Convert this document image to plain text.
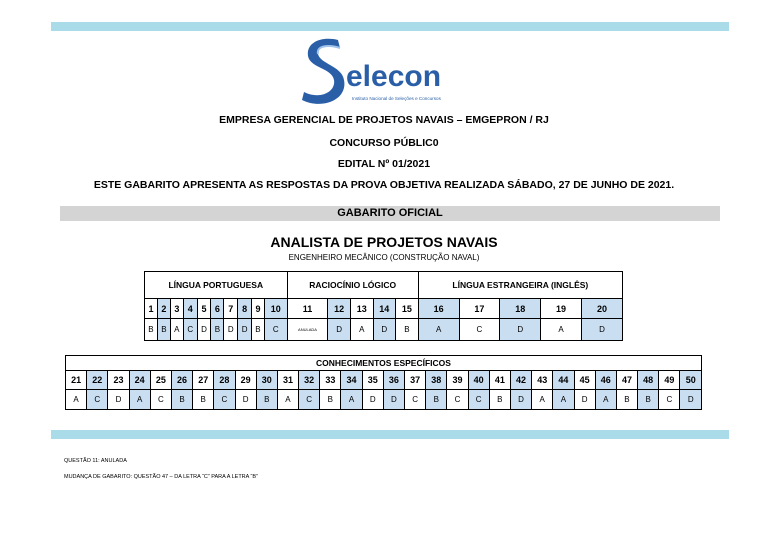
elecon
Instituto Nacional de Seleções e Concursos
EMPRESA GERENCIAL DE PROJETOS NAVAIS – EMGEPRON / RJ
CONCURSO PÚBLIC0
EDITAL Nº 01/2021
ESTE GABARITO APRESENTA AS RESPOSTAS DA PROVA OBJETIVA REALIZADA SÁBADO, 27 DE JUNHO DE 2021.
GABARITO OFICIAL
ANALISTA DE PROJETOS NAVAIS
ENGENHEIRO MECÂNICO (CONSTRUÇÃO NAVAL)
LÍNGUA PORTUGUESA										RACIOCÍNIO LÓGICO					LÍNGUA ESTRANGEIRA (INGLÊS)				
1	2	3	4	5	6	7	8	9	10	11	12	13	14	15	16	17	18	19	20
B	B	A	C	D	B	D	D	B	C	ANULADA	D	A	D	B	A	C	D	A	D
CONHECIMENTOS ESPECÍFICOS																													
21	22	23	24	25	26	27	28	29	30	31	32	33	34	35	36	37	38	39	40	41	42	43	44	45	46	47	48	49	50
A	C	D	A	C	B	B	C	D	B	A	C	B	A	D	D	C	B	C	C	B	D	A	A	D	A	B	B	C	D
QUESTÃO 11: ANULADA
MUDANÇA DE GABARITO: QUESTÃO 47 – DA LETRA “C” PARA A LETRA “B”
